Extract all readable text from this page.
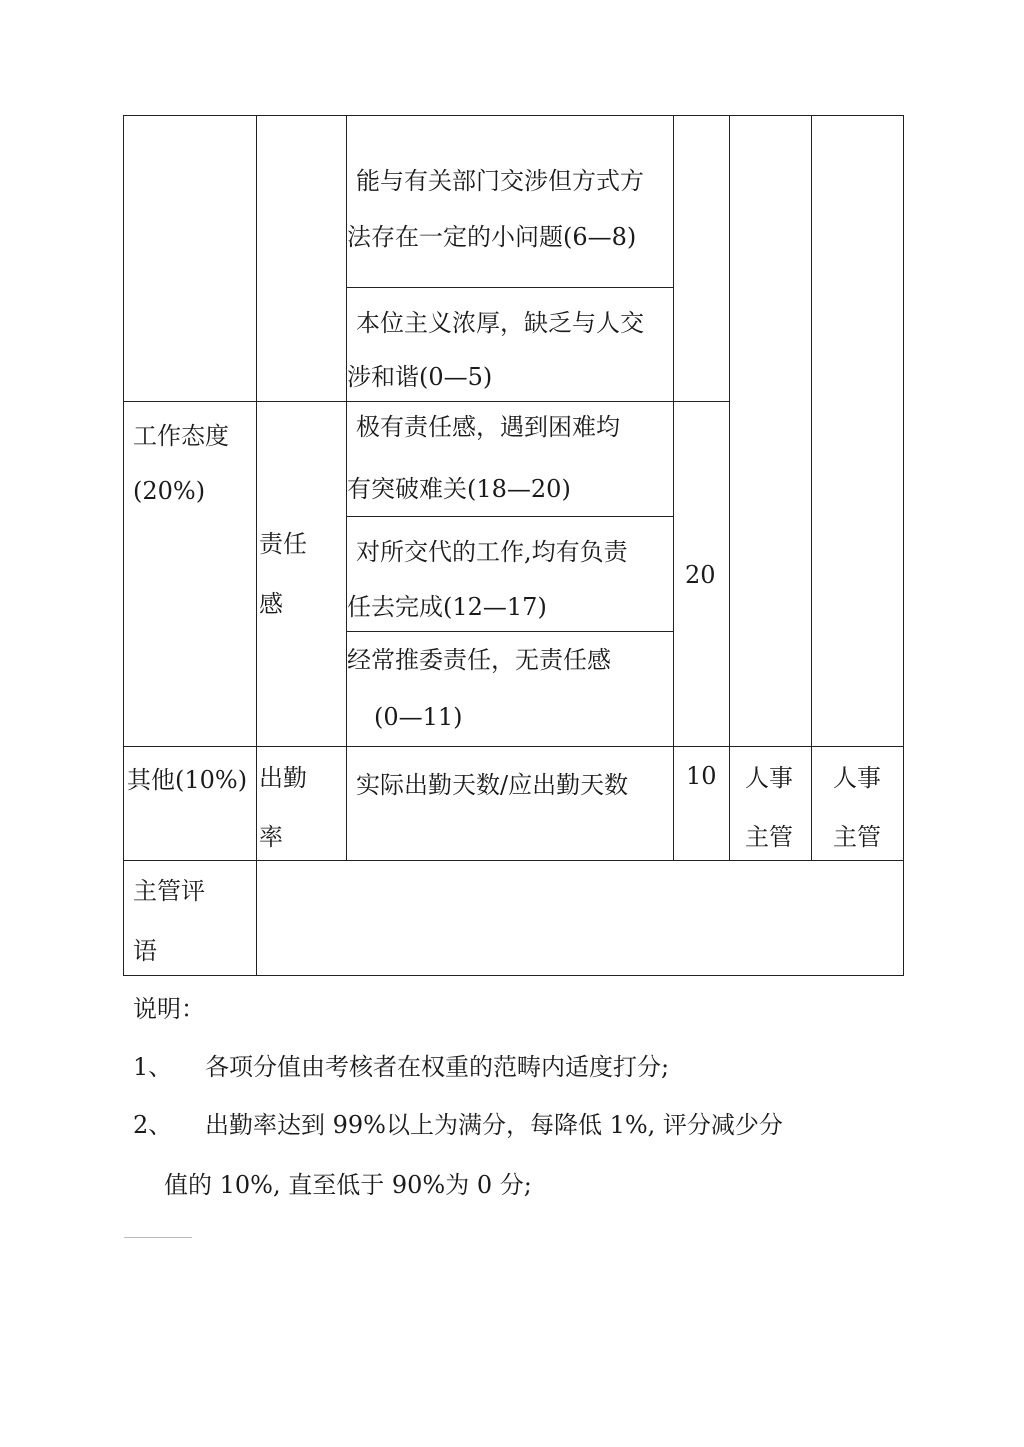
能与有关部门交涉但方式方
法存在一定的小问题(6—8)
本位主义浓厚，缺乏与人交
涉和谐(0—5)
工作态度
(20%)
责任
感
极有责任感，遇到困难均
有突破难关(18—20)
对所交代的工作,均有负责
任去完成(12—17)
经常推委责任，无责任感
(0—11)
20
其他(10%) 出勤
率
实际出勤天数/应出勤天数 10 人事
主管
人事
主管
主管评
语
说明：
1、 各项分值由考核者在权重的范畴内适度打分;
2、 出勤率达到 99%以上为满分，每降低 1%, 评分减少分
值的 10%, 直至低于 90%为 0 分;
